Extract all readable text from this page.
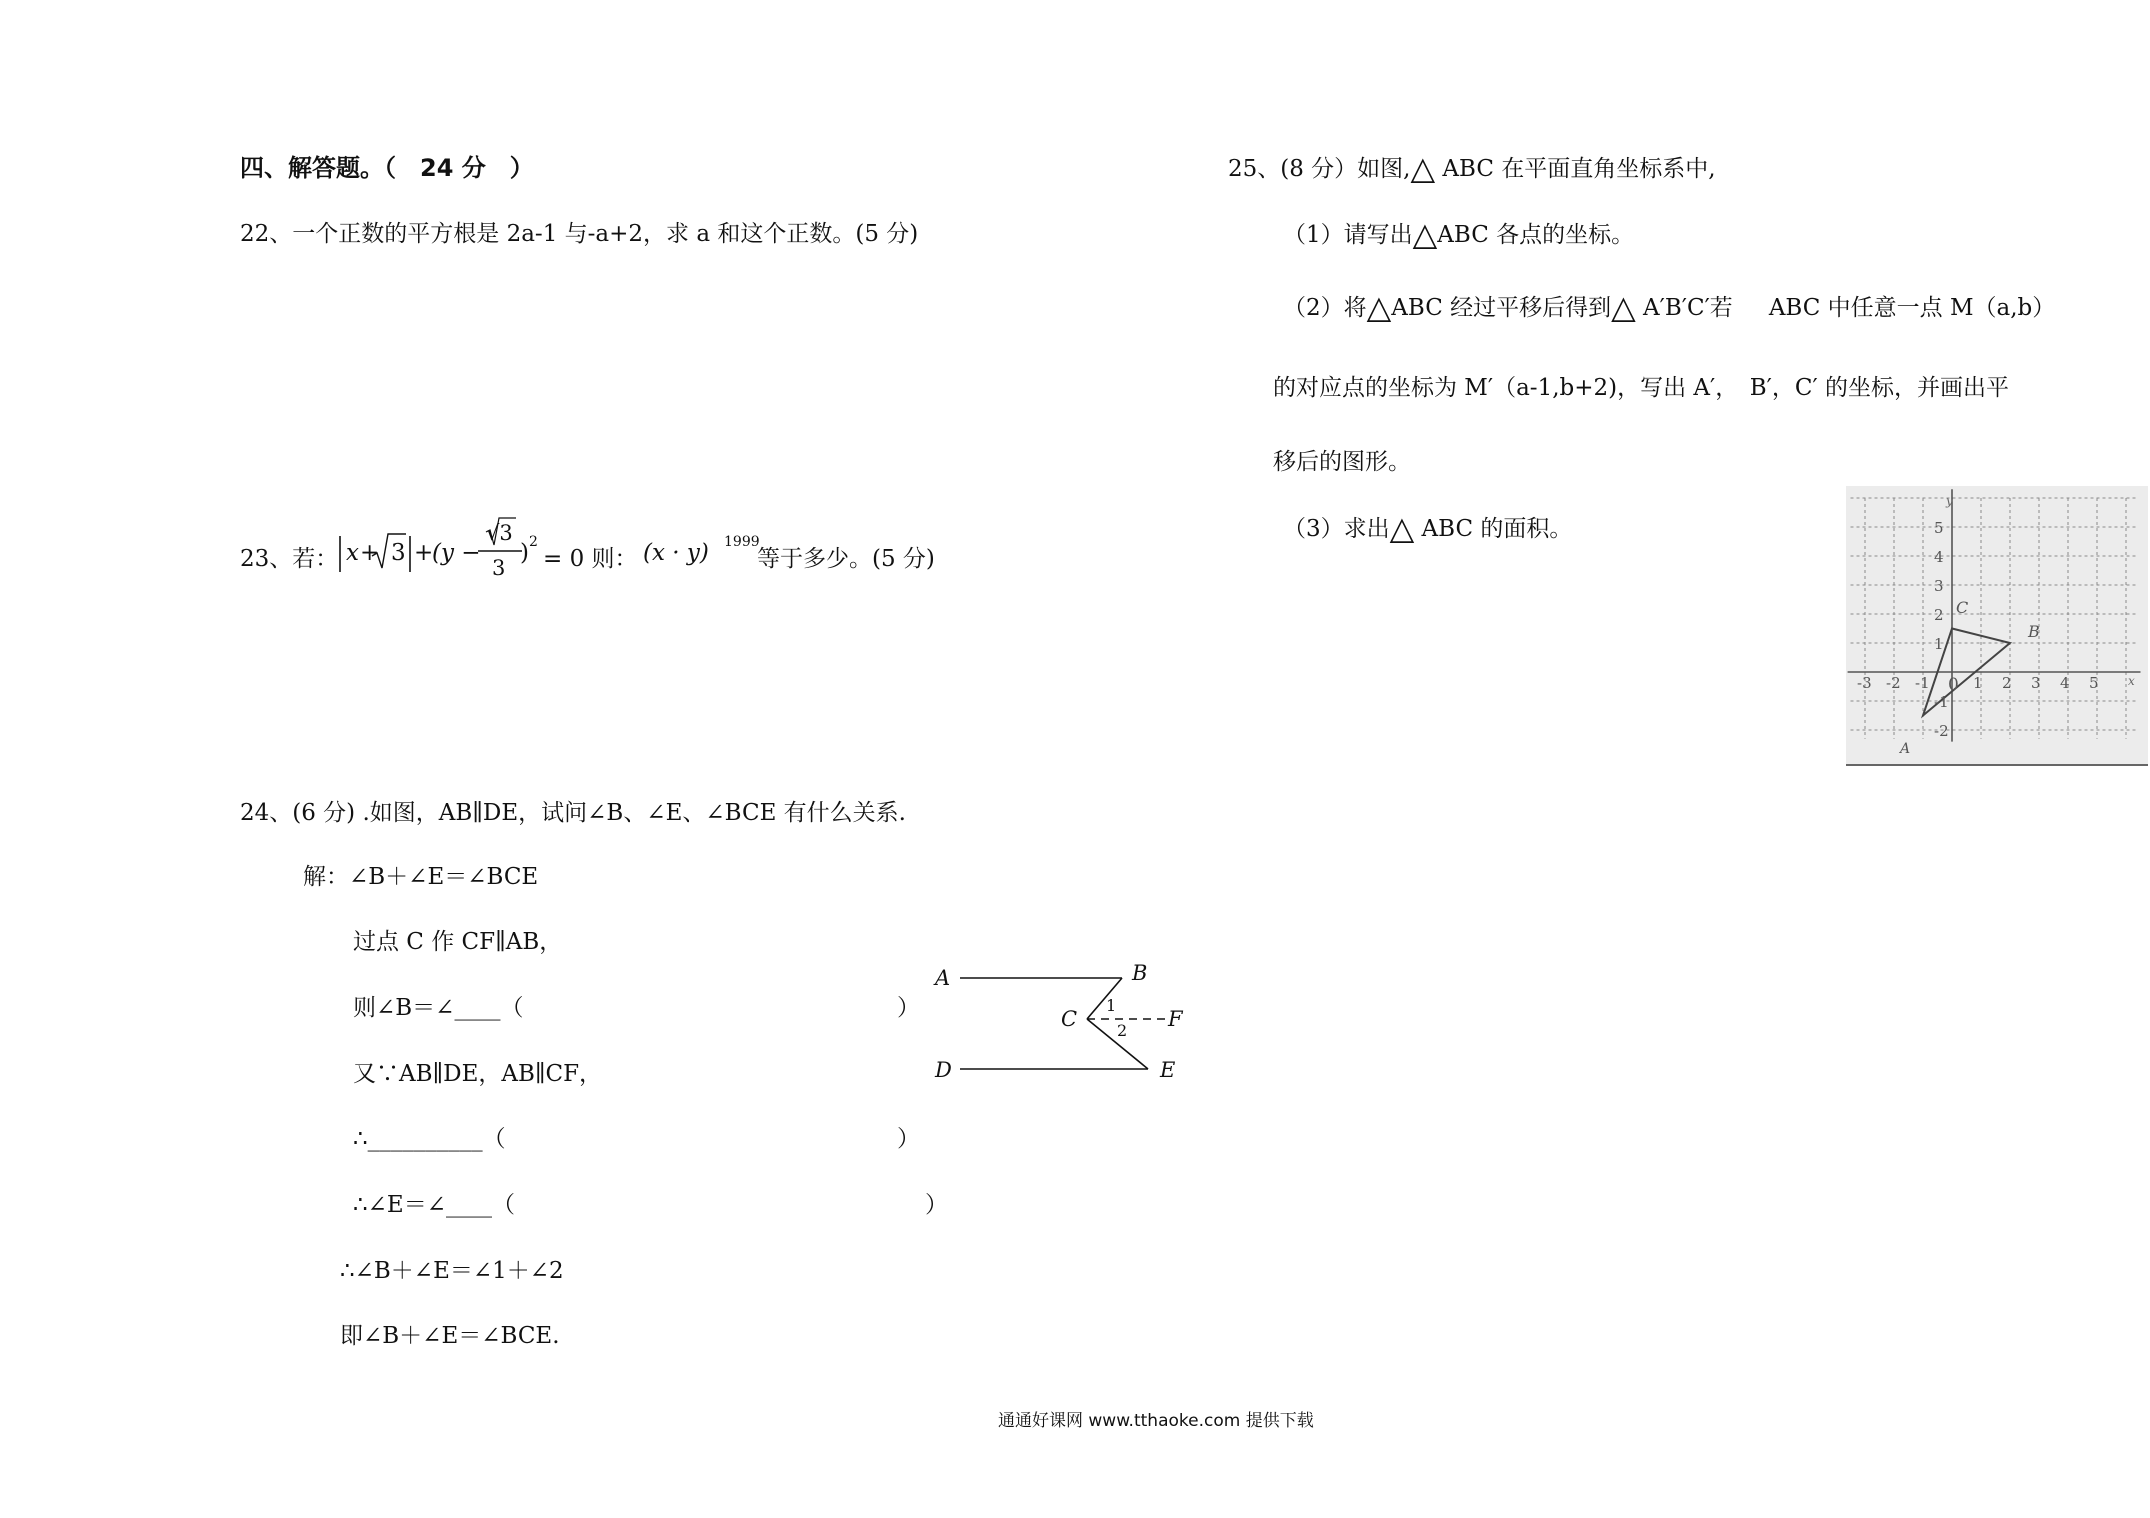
四、解答题。（　24 分　）
22、一个正数的平方根是 2a-1 与-a+2，求 a 和这个正数。(5 分)
23、若： x + 3 +
(y −
√3
3
) 2
= 0 则： (x · y) 1999
等于多少。(5 分)
24、(6 分) .如图，AB∥DE，试问∠B、∠E、∠BCE 有什么关系.
解：∠B＋∠E＝∠BCE
过点 C 作 CF∥AB，
则∠B＝∠____（	）
又∵AB∥DE，AB∥CF，
∴__________（	）
∴∠E＝∠____（	）
∴∠B＋∠E＝∠1＋∠2
即∠B＋∠E＝∠BCE.
A	B
C	F
D	E
1
2
25、(8 分）如图,△ ABC 在平面直角坐标系中,
（1）请写出△ABC 各点的坐标。
（2）将△ABC 经过平移后得到△ A′B′C′若 ABC 中任意一点 M（a,b）
的对应点的坐标为 M′（a-1,b+2)，写出 A′，　B′，C′ 的坐标，并画出平
移后的图形。
（3）求出△ ABC 的面积。
y
x
0
-3 -2 -1	1 2 3 4 5
5
4
3
2
1
-1
-2
C
B
A
通通好课网 www.tthaoke.com 提供下载
